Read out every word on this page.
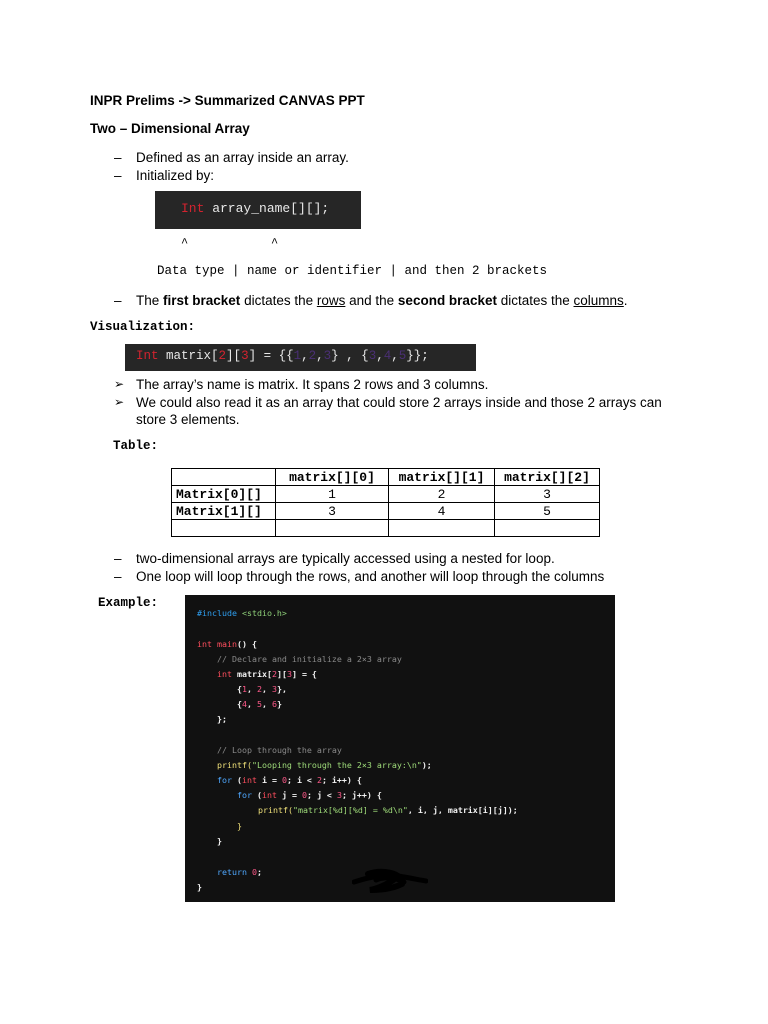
INPR Prelims -> Summarized CANVAS PPT
Two – Dimensional Array
– Defined as an array inside an array.
– Initialized by:
Int array_name[][];
^	^
Data type | name or identifier | and then 2 brackets
– The first bracket dictates the rows and the second bracket dictates the columns.
Visualization:
Int matrix[2][3] = {{1,2,3} , {3,4,5}};
➢ The array’s name is matrix. It spans 2 rows and 3 columns.
➢ We could also read it as an array that could store 2 arrays inside and those 2 arrays can
store 3 elements.
Table:
	matrix[][0]	matrix[][1]	matrix[][2]
Matrix[0][]	1	2	3
Matrix[1][]	3	4	5

– two-dimensional arrays are typically accessed using a nested for loop.
– One loop will loop through the rows, and another will loop through the columns
Example:
#include <stdio.h>
int main() {
// Declare and initialize a 2×3 array
int matrix[2][3] = {
{1, 2, 3},
{4, 5, 6}
};
// Loop through the array
printf("Looping through the 2×3 array:\n");
for (int i = 0; i < 2; i++) {
for (int j = 0; j < 3; j++) {
printf("matrix[%d][%d] = %d\n", i, j, matrix[i][j]);
}
}
return 0;
}
